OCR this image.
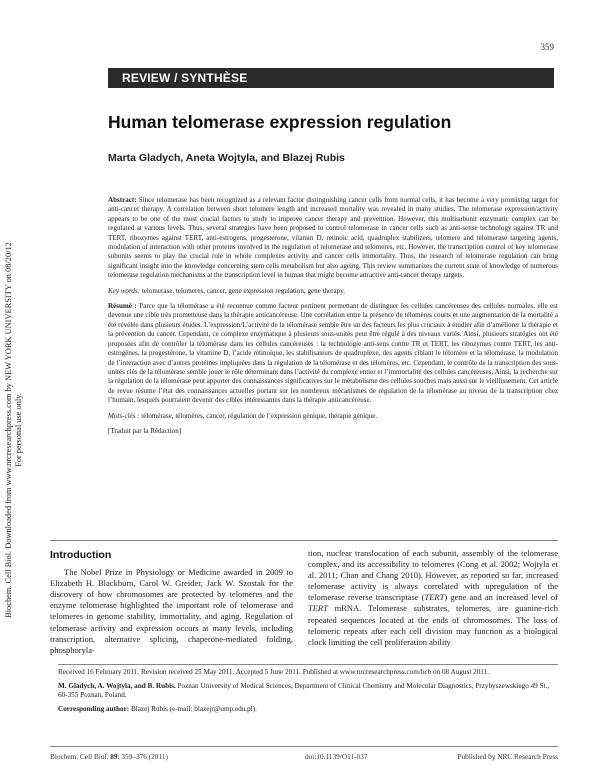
359
REVIEW / SYNTHÈSE
Human telomerase expression regulation
Marta Gladych, Aneta Wojtyla, and Blazej Rubis
Biochem. Cell Biol. Downloaded from www.nrcresearchpress.com by NEW YORK UNIVERSITY on 08/20/12 For personal use only.

Abstract: Since telomerase has been recognized as a relevant factor distinguishing cancer cells from normal cells, it has become a very promising target for anti-cancer therapy. A correlation between short telomere length and increased mortality was revealed in many studies. The telomerase expression/activity appears to be one of the most crucial factors to study to improve cancer therapy and prevention. However, this multisubunit enzymatic complex can be regulated at various levels. Thus, several strategies have been proposed to control telomerase in cancer cells such as anti-sense technology against TR and TERT, ribozymes against TERT, anti-estrogens, progesterone, vitamin D, retinoic acid, quadruplex stabilizers, telomere and telomerase targeting agents, modulation of interaction with other proteins involved in the regulation of telomerase and telomeres, etc. However, the transcription control of key telomerase subunits seems to play the crucial role in whole complexes activity and cancer cells immortality. Thus, the research of telomerase regulation can bring significant insight into the knowledge concerning stem cells metabolism but also ageing. This review summarizes the current state of knowledge of numerous telomerase regulation mechanisms at the transcription level in human that might become attractive anti-cancer therapy targets.

Key words: telomerase, telomeres, cancer, gene expression regulation, gene therapy.

Résumé : Parce que la télomérase a été reconnue comme facteur pertinent permettant de distinguer les cellules cancéreuses des cellules normales, elle est devenue une cible très prometteuse dans la thérapie anticancéreuse. Une corrélation entre la présence de télomères courts et une augmentation de la mortalité a été révélée dans plusieurs études. L’expression/L’activité de la télomérase semble être un des facteurs les plus cruciaux à étudier afin d’améliorer la thérapie et la prévention du cancer. Cependant, ce complexe enzymatique à plusieurs sous-unités peut être régulé à des niveaux variés. Ainsi, plusieurs stratégies ont été proposées afin de contrôler la télomérase dans les cellules cancéreuses : la technologie anti-sens contre TR et TERT, les ribozymes contre TERT, les anti-estrogènes, la progestérone, la vitamine D, l’acide rétinoïque, les stabilisateurs de quadruplexe, des agents ciblant le télomère et la télomérase, la modulation de l’interaction avec d’autres protéines impliquées dans la régulation de la télomérase et des télomères, etc. Cependant, le contrôle de la transcription des sous-unités clés de la télomérase semble jouer le rôle déterminant dans l’activité du complexe entier et l’immortalité des cellules cancéreuses. Ainsi, la recherche sur la régulation de la télomérase peut apporter des connaissances significatives sur le métabolisme des cellules souches mais aussi sur le vieillissement. Cet article de revue résume l’état des connaissances actuelles portant sur les nombreux mécanismes de régulation de la télomérase au niveau de la transcription chez l’humain, lesquels pourraient devenir des cibles intéressantes dans la thérapie anticancéreuse.

Mots-clés : télomérase, télomères, cancer, régulation de l’expression génique, thérapie génique.

[Traduit par la Rédaction]

Introduction

The Nobel Prize in Physiology or Medicine awarded in 2009 to Elizabeth H. Blackburn, Carol W. Greider, Jack W. Szostak for the discovery of how chromosomes are protected by telomeres and the enzyme telomerase highlighted the important role of telomerase and telomeres in genome stability, immortality, and aging. Regulation of telomerase activity and expression occurs at many levels, including transcription, alternative splicing, chaperone-mediated folding, phosphoryla-

tion, nuclear translocation of each subunit, assembly of the telomerase complex, and its accessibility to telomeres (Cong et al. 2002; Wojtyla et al. 2011; Chan and Chang 2010). However, as reported so far, increased telomerase activity is always correlated with upregulation of the telomerase reverse transcriptase (TERT) gene and an increased level of TERT mRNA. Telomerase substrates, telomeres, are guanine-rich repeated sequences located at the ends of chromosomes. The loss of telomeric repeats after each cell division may function as a biological clock limiting the cell proliferation ability

Received 16 February 2011. Revision received 25 May 2011. Accepted 5 June 2011. Published at www.nrcresearchpress.com/bcb on 08 August 2011.

M. Gladych, A. Wojtyla, and B. Rubis. Poznan University of Medical Sciences, Department of Clinical Chemistry and Molecular Diagnostics, Przybyszewskiego 49 St., 60-355 Poznan, Poland.

Corresponding author: Blazej Rubis (e-mail: blazejr@ump.edu.pl).

Biochem. Cell Biol. 89: 359–376 (2011)	doi:10.1139/O11-037	Published by NRC Research Press
